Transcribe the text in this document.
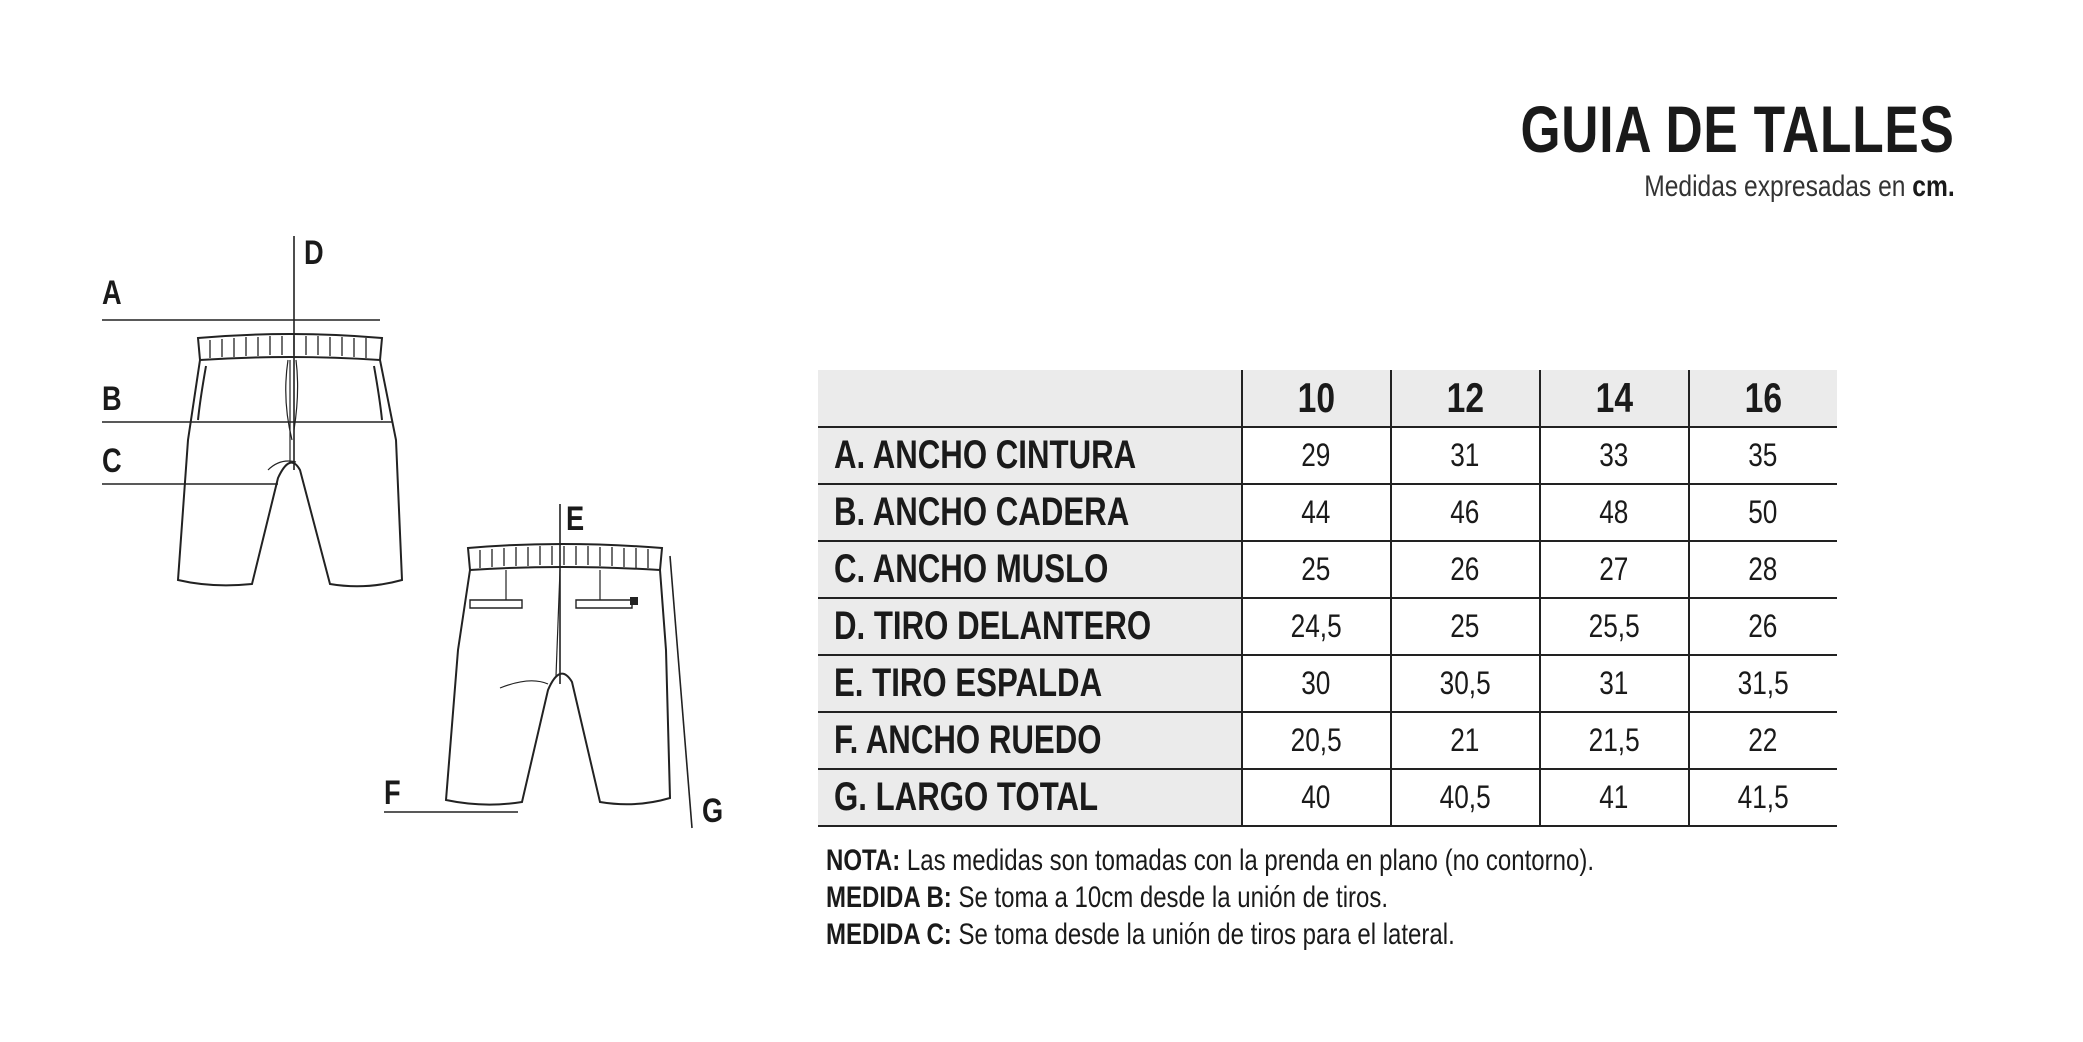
GUIA DE TALLES
Medidas expresadas en cm.
A
B
C
D
E
F	G
	10	12	14	16
A. ANCHO CINTURA	29	31	33	35
B. ANCHO CADERA	44	46	48	50
C. ANCHO MUSLO	25	26	27	28
D. TIRO DELANTERO	24,5	25	25,5	26
E. TIRO ESPALDA	30	30,5	31	31,5
F. ANCHO RUEDO	20,5	21	21,5	22
G. LARGO TOTAL	40	40,5	41	41,5
NOTA: Las medidas son tomadas con la prenda en plano (no contorno).
MEDIDA B: Se toma a 10cm desde la unión de tiros.
MEDIDA C: Se toma desde la unión de tiros para el lateral.
